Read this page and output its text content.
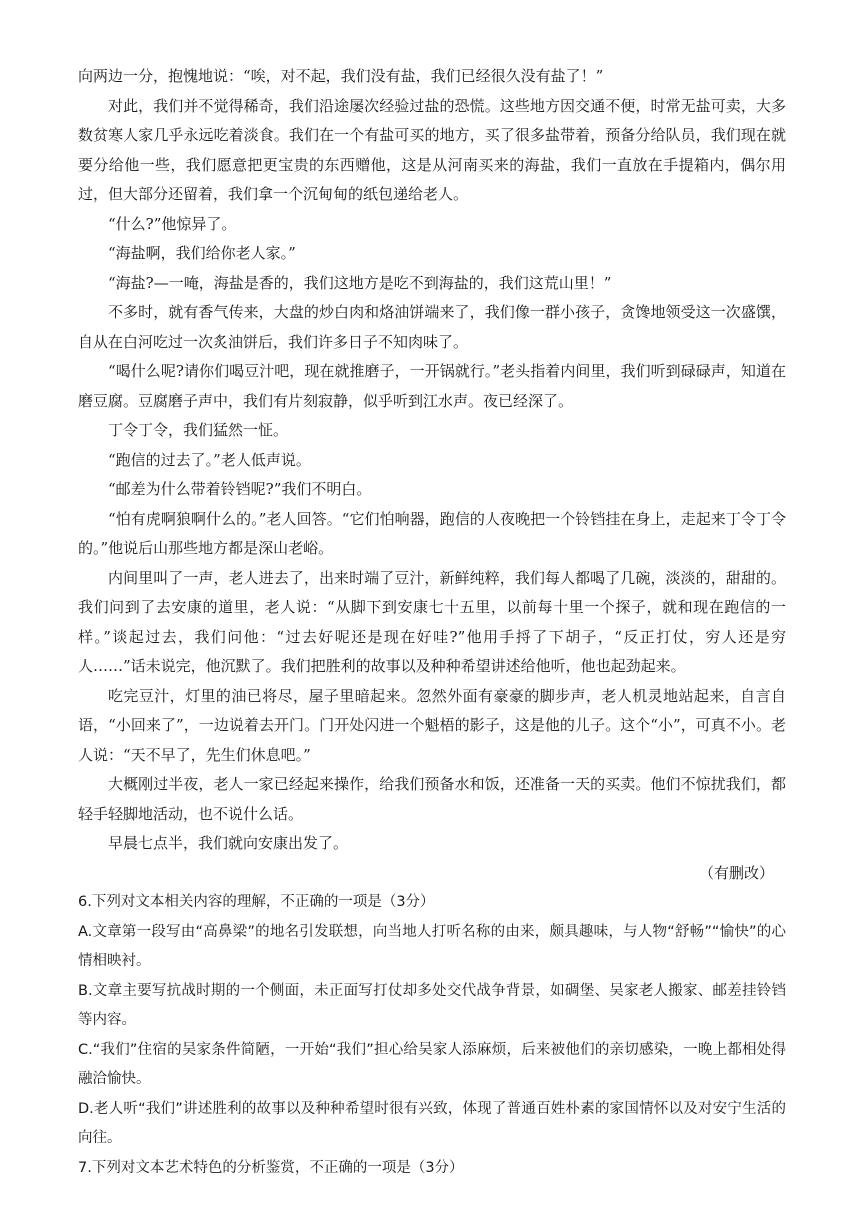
向两边一分，抱愧地说：“唉，对不起，我们没有盐，我们已经很久没有盐了！”

对此，我们并不觉得稀奇，我们沿途屡次经验过盐的恐慌。这些地方因交通不便，时常无盐可卖，大多数贫寒人家几乎永远吃着淡食。我们在一个有盐可买的地方，买了很多盐带着，预备分给队员，我们现在就要分给他一些，我们愿意把更宝贵的东西赠他，这是从河南买来的海盐，我们一直放在手提箱内，偶尔用过，但大部分还留着，我们拿一个沉甸甸的纸包递给老人。

“什么?”他惊异了。

“海盐啊，我们给你老人家。”

“海盐?—一唵，海盐是香的，我们这地方是吃不到海盐的，我们这荒山里！”

不多时，就有香气传来，大盘的炒白肉和烙油饼端来了，我们像一群小孩子，贪馋地领受这一次盛馔，自从在白河吃过一次炙油饼后，我们许多日子不知肉味了。

“喝什么呢?请你们喝豆汁吧，现在就推磨子，一开锅就行。”老头指着内间里，我们听到碌碌声，知道在磨豆腐。豆腐磨子声中，我们有片刻寂静，似乎听到江水声。夜已经深了。

丁令丁令，我们猛然一怔。

“跑信的过去了。”老人低声说。

“邮差为什么带着铃铛呢?”我们不明白。

“怕有虎啊狼啊什么的。”老人回答。“它们怕响器，跑信的人夜晚把一个铃铛挂在身上，走起来丁令丁令的。”他说后山那些地方都是深山老峪。

内间里叫了一声，老人进去了，出来时端了豆汁，新鲜纯粹，我们每人都喝了几碗，淡淡的，甜甜的。我们问到了去安康的道里，老人说：“从脚下到安康七十五里，以前每十里一个探子，就和现在跑信的一样。”谈起过去，我们问他：“过去好呢还是现在好哇?”他用手捋了下胡子，“反正打仗，穷人还是穷人……”话未说完，他沉默了。我们把胜利的故事以及种种希望讲述给他听，他也起劲起来。

吃完豆汁，灯里的油已将尽，屋子里暗起来。忽然外面有豪豪的脚步声，老人机灵地站起来，自言自语，“小回来了”，一边说着去开门。门开处闪进一个魁梧的影子，这是他的儿子。这个“小”，可真不小。老人说：“天不早了，先生们休息吧。”

大概刚过半夜，老人一家已经起来操作，给我们预备水和饭，还准备一天的买卖。他们不惊扰我们，都轻手轻脚地活动，也不说什么话。

早晨七点半，我们就向安康出发了。

（有删改）

6.下列对文本相关内容的理解，不正确的一项是（3分）

A.文章第一段写由“高鼻梁”的地名引发联想，向当地人打听名称的由来，颇具趣味，与人物“舒畅”“愉快”的心情相映衬。

B.文章主要写抗战时期的一个侧面，未正面写打仗却多处交代战争背景，如碉堡、吴家老人搬家、邮差挂铃铛等内容。

C.“我们”住宿的吴家条件简陋，一开始“我们”担心给吴家人添麻烦，后来被他们的亲切感染，一晚上都相处得融洽愉快。

D.老人听“我们”讲述胜利的故事以及种种希望时很有兴致，体现了普通百姓朴素的家国情怀以及对安宁生活的向往。

7.下列对文本艺术特色的分析鉴赏，不正确的一项是（3分）
